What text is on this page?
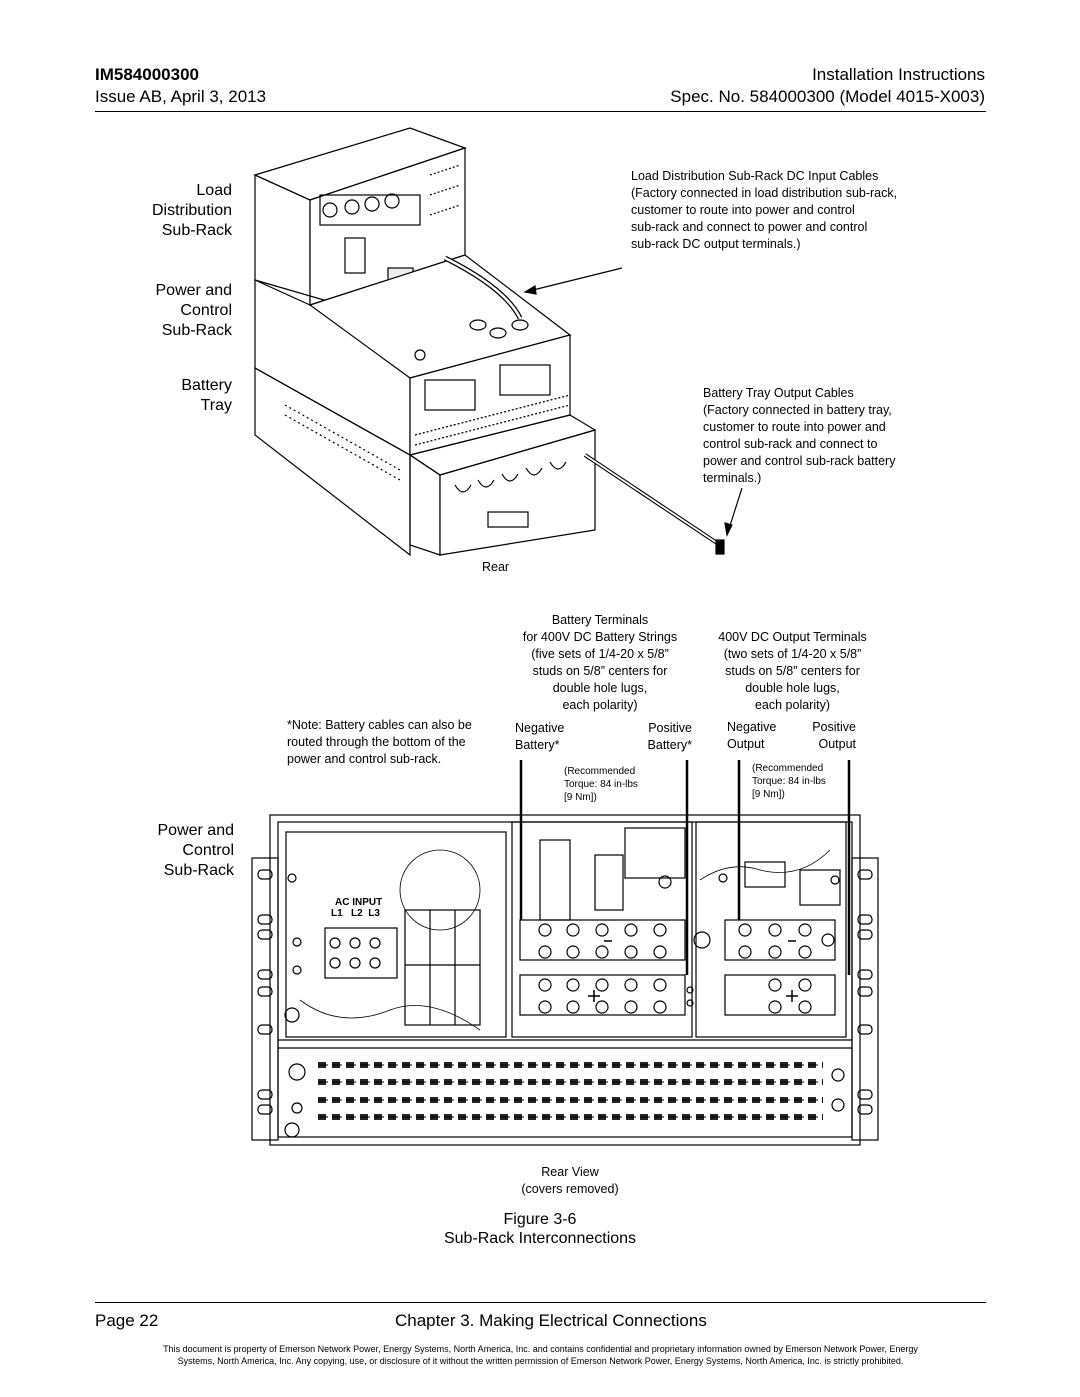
IM584000300
Issue AB, April 3, 2013
Installation Instructions
Spec. No. 584000300 (Model 4015-X003)
Load
Distribution
Sub-Rack
Power and
Control
Sub-Rack
Battery
Tray
Load Distribution Sub-Rack DC Input Cables
(Factory connected in load distribution sub-rack,
customer to route into power and control
sub-rack and connect to power and control
sub-rack DC output terminals.)
Battery Tray Output Cables
(Factory connected in battery tray,
customer to route into power and
control sub-rack and connect to
power and control sub-rack battery
terminals.)
Rear
Battery Terminals
for 400V DC Battery Strings
(five sets of 1/4-20 x 5/8”
studs on 5/8” centers for
double hole lugs,
each polarity)
400V DC Output Terminals
(two sets of 1/4-20 x 5/8”
studs on 5/8” centers for
double hole lugs,
each polarity)
*Note: Battery cables can also be
routed through the bottom of the
power and control sub-rack.
Negative
Battery*
Positive
Battery*
Negative
Output
Positive
Output
(Recommended
Torque: 84 in-lbs
[9 Nm])
(Recommended
Torque: 84 in-lbs
[9 Nm])
Power and
Control
Sub-Rack
AC INPUT
L1   L2  L3
Rear View
(covers removed)
Figure 3-6
Sub-Rack Interconnections
Page 22	Chapter 3. Making Electrical Connections
This document is property of Emerson Network Power, Energy Systems, North America, Inc. and contains confidential and proprietary information owned by Emerson Network Power, Energy
Systems, North America, Inc. Any copying, use, or disclosure of it without the written permission of Emerson Network Power, Energy Systems, North America, Inc. is strictly prohibited.
